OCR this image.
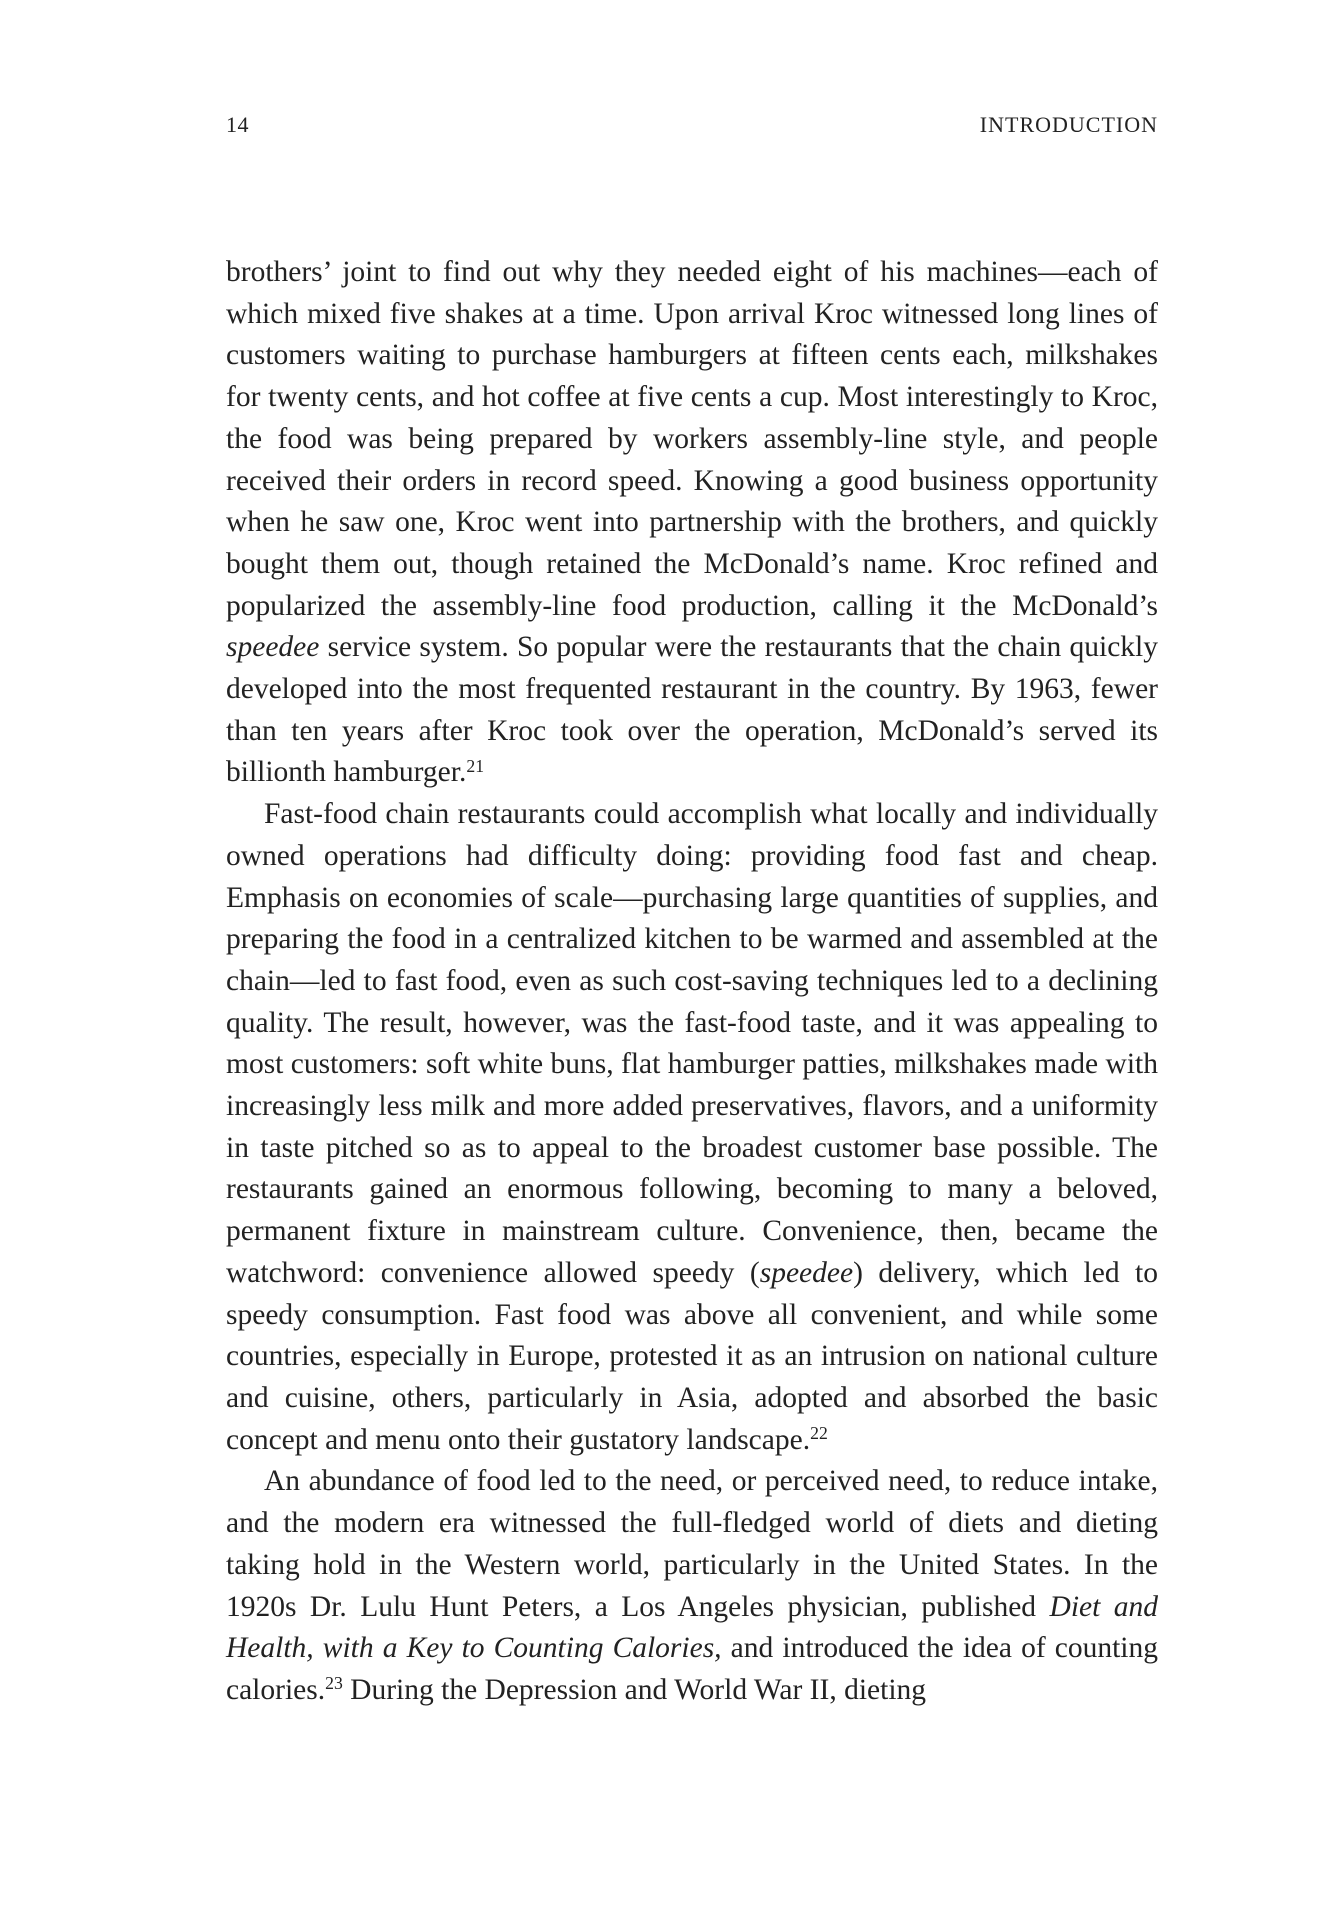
14	INTRODUCTION

brothers’ joint to find out why they needed eight of his machines—each of which mixed five shakes at a time. Upon arrival Kroc witnessed long lines of customers waiting to purchase hamburgers at fifteen cents each, milkshakes for twenty cents, and hot coffee at five cents a cup. Most interestingly to Kroc, the food was being prepared by workers assembly-line style, and people received their orders in record speed. Knowing a good business opportunity when he saw one, Kroc went into partnership with the brothers, and quickly bought them out, though retained the McDonald’s name. Kroc refined and popularized the assembly-line food production, calling it the McDonald’s speedee service system. So popular were the restaurants that the chain quickly developed into the most frequented restaurant in the country. By 1963, fewer than ten years after Kroc took over the operation, McDonald’s served its billionth hamburger.$^{21}$

Fast-food chain restaurants could accomplish what locally and individually owned operations had difficulty doing: providing food fast and cheap. Emphasis on economies of scale—purchasing large quantities of supplies, and preparing the food in a centralized kitchen to be warmed and assembled at the chain—led to fast food, even as such cost-saving techniques led to a declining quality. The result, however, was the fast-food taste, and it was appealing to most customers: soft white buns, flat hamburger patties, milkshakes made with increasingly less milk and more added preservatives, flavors, and a uniformity in taste pitched so as to appeal to the broadest customer base possible. The restaurants gained an enormous following, becoming to many a beloved, permanent fixture in mainstream culture. Convenience, then, became the watchword: convenience allowed speedy (speedee) delivery, which led to speedy consumption. Fast food was above all convenient, and while some countries, especially in Europe, protested it as an intrusion on national culture and cuisine, others, particularly in Asia, adopted and absorbed the basic concept and menu onto their gustatory landscape.$^{22}$

An abundance of food led to the need, or perceived need, to reduce intake, and the modern era witnessed the full-fledged world of diets and dieting taking hold in the Western world, particularly in the United States. In the 1920s Dr. Lulu Hunt Peters, a Los Angeles physician, published Diet and Health, with a Key to Counting Calories, and introduced the idea of counting calories.$^{23}$ During the Depression and World War II, dieting
